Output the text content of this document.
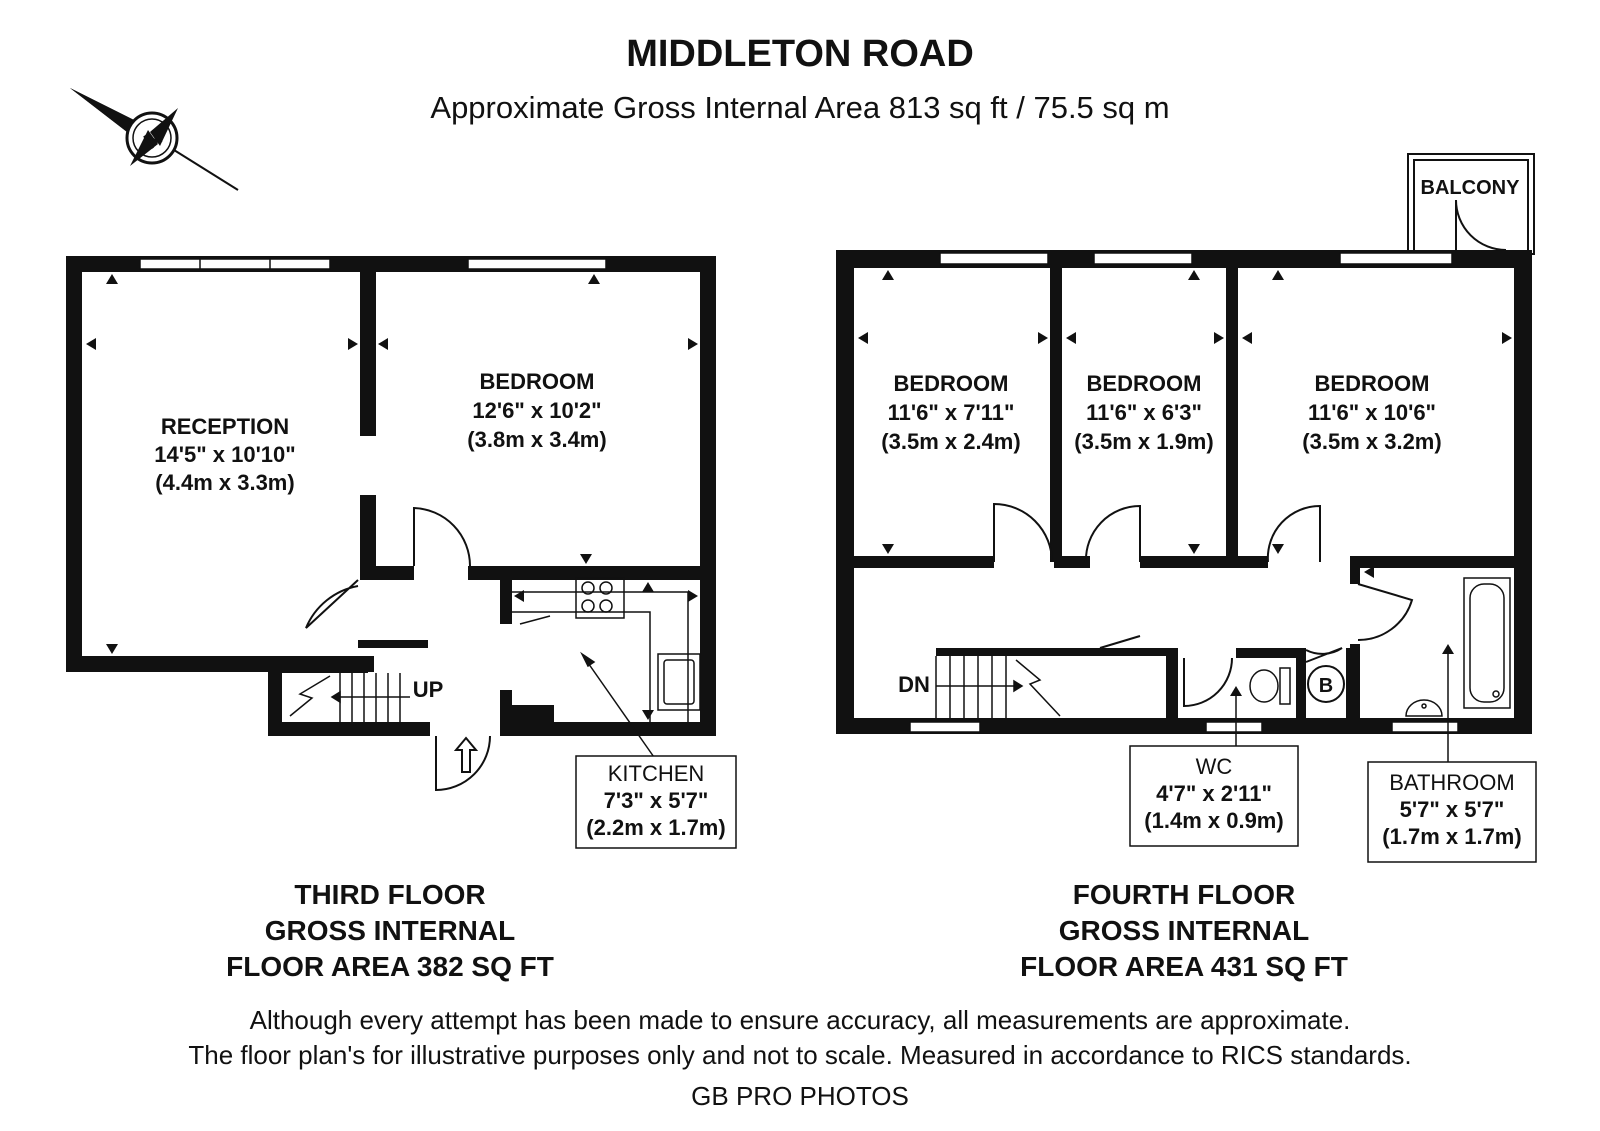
MIDDLETON ROAD
Approximate Gross Internal Area 813 sq ft / 75.5 sq m
N
UP
RECEPTION
14'5" x 10'10"
(4.4m x 3.3m)
BEDROOM
12'6" x 10'2"
(3.8m x 3.4m)
KITCHEN
7'3" x 5'7"
(2.2m x 1.7m)
THIRD FLOOR
GROSS INTERNAL
FLOOR AREA 382 SQ FT
BALCONY
DN	B
BEDROOM
11'6" x 7'11"
(3.5m x 2.4m)
BEDROOM
11'6" x 6'3"
(3.5m x 1.9m)
BEDROOM
11'6" x 10'6"
(3.5m x 3.2m)
WC
4'7" x 2'11"
(1.4m x 0.9m)
BATHROOM
5'7" x 5'7"
(1.7m x 1.7m)
FOURTH FLOOR
GROSS INTERNAL
FLOOR AREA 431 SQ FT
Although every attempt has been made to ensure accuracy, all measurements are approximate.
The floor plan's for illustrative purposes only and not to scale. Measured in accordance to RICS standards.
GB PRO PHOTOS
